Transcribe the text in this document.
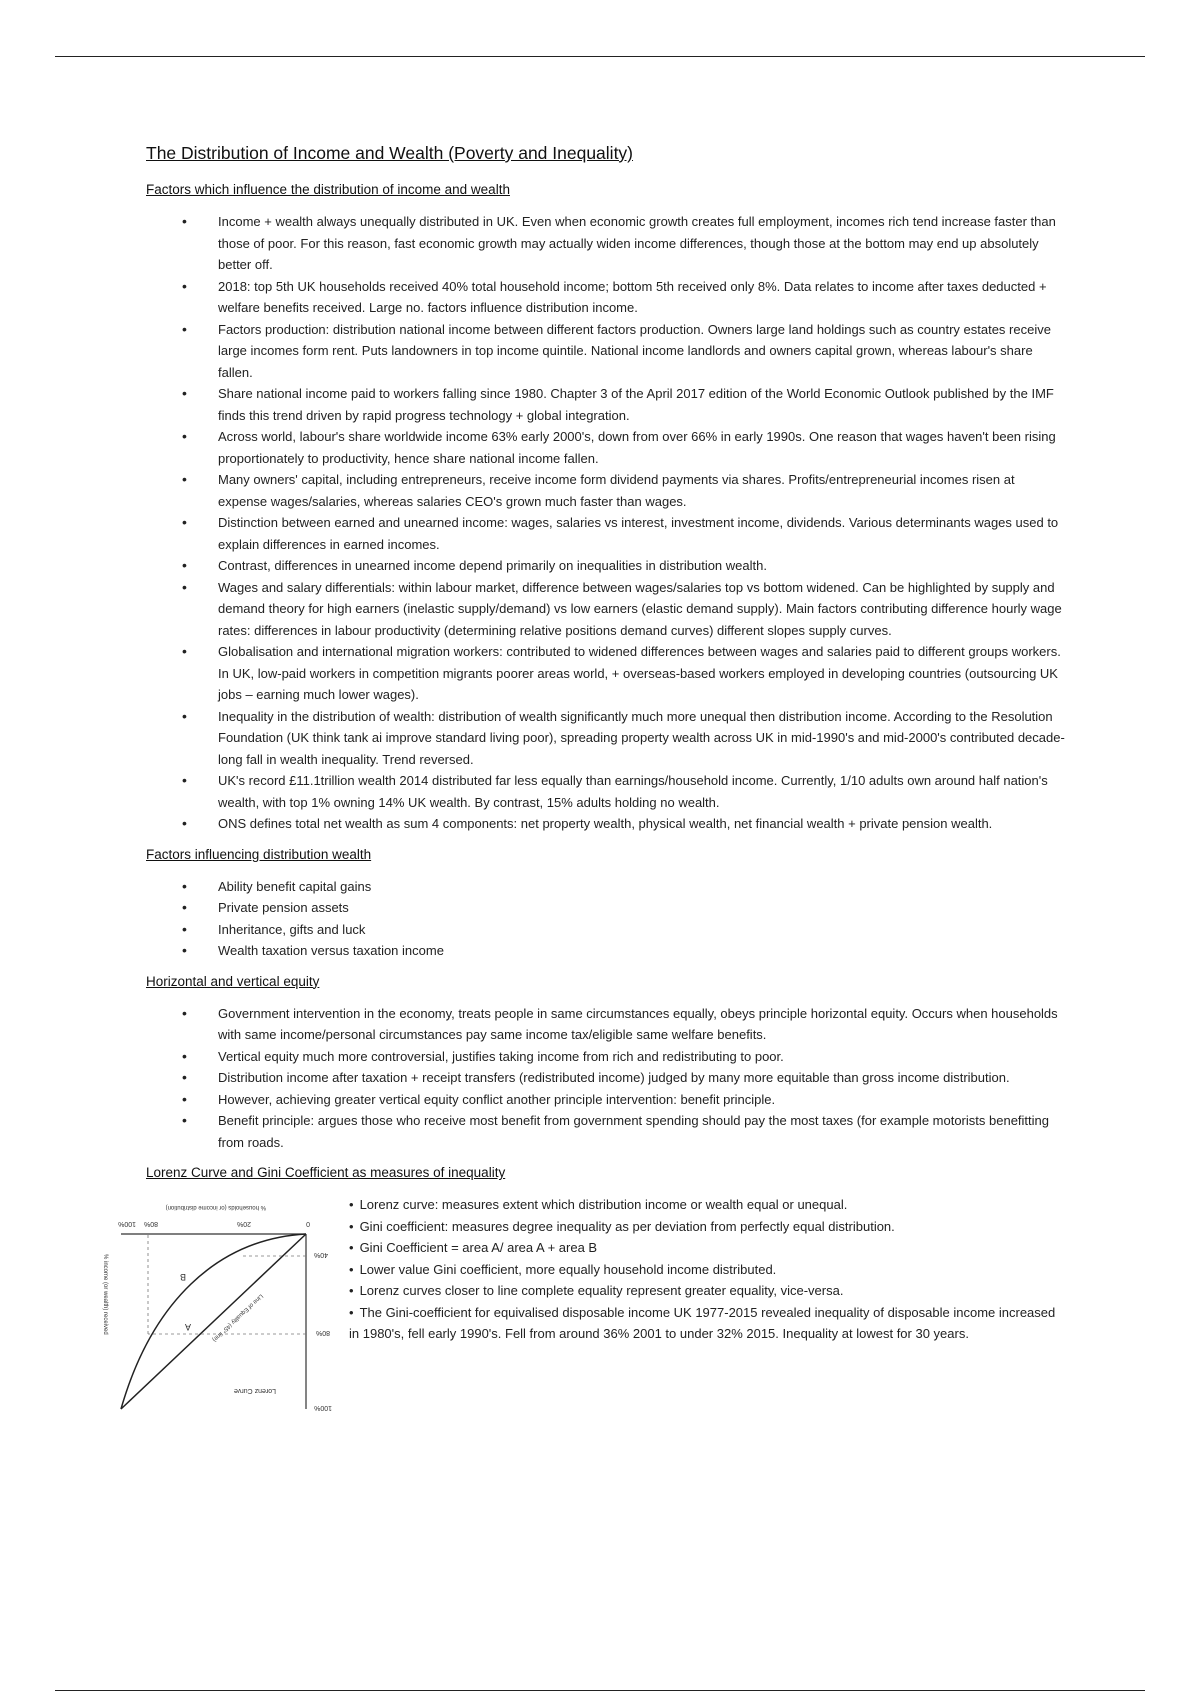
The Distribution of Income and Wealth (Poverty and Inequality)
Factors which influence the distribution of income and wealth
• Income + wealth always unequally distributed in UK. Even when economic growth creates full employment, incomes rich tend increase faster than those of poor. For this reason, fast economic growth may actually widen income differences, though those at the bottom may end up absolutely better off.
• 2018: top 5th UK households received 40% total household income; bottom 5th received only 8%. Data relates to income after taxes deducted + welfare benefits received. Large no. factors influence distribution income.
• Factors production: distribution national income between different factors production. Owners large land holdings such as country estates receive large incomes form rent. Puts landowners in top income quintile. National income landlords and owners capital grown, whereas labour's share fallen.
• Share national income paid to workers falling since 1980. Chapter 3 of the April 2017 edition of the World Economic Outlook published by the IMF finds this trend driven by rapid progress technology + global integration.
• Across world, labour's share worldwide income 63% early 2000's, down from over 66% in early 1990s. One reason that wages haven't been rising proportionately to productivity, hence share national income fallen.
• Many owners' capital, including entrepreneurs, receive income form dividend payments via shares. Profits/entrepreneurial incomes risen at expense wages/salaries, whereas salaries CEO's grown much faster than wages.
• Distinction between earned and unearned income: wages, salaries vs interest, investment income, dividends. Various determinants wages used to explain differences in earned incomes.
• Contrast, differences in unearned income depend primarily on inequalities in distribution wealth.
• Wages and salary differentials: within labour market, difference between wages/salaries top vs bottom widened. Can be highlighted by supply and demand theory for high earners (inelastic supply/demand) vs low earners (elastic demand supply). Main factors contributing difference hourly wage rates: differences in labour productivity (determining relative positions demand curves) different slopes supply curves.
• Globalisation and international migration workers: contributed to widened differences between wages and salaries paid to different groups workers. In UK, low-paid workers in competition migrants poorer areas world, + overseas-based workers employed in developing countries (outsourcing UK jobs – earning much lower wages).
• Inequality in the distribution of wealth: distribution of wealth significantly much more unequal then distribution income. According to the Resolution Foundation (UK think tank ai improve standard living poor), spreading property wealth across UK in mid-1990's and mid-2000's contributed decade-long fall in wealth inequality. Trend reversed.
• UK's record £11.1trillion wealth 2014 distributed far less equally than earnings/household income. Currently, 1/10 adults own around half nation's wealth, with top 1% owning 14% UK wealth. By contrast, 15% adults holding no wealth.
• ONS defines total net wealth as sum 4 components: net property wealth, physical wealth, net financial wealth + private pension wealth.
Factors influencing distribution wealth
• Ability benefit capital gains
• Private pension assets
• Inheritance, gifts and luck
• Wealth taxation versus taxation income
Horizontal and vertical equity
• Government intervention in the economy, treats people in same circumstances equally, obeys principle horizontal equity. Occurs when households with same income/personal circumstances pay same income tax/eligible same welfare benefits.
• Vertical equity much more controversial, justifies taking income from rich and redistributing to poor.
• Distribution income after taxation + receipt transfers (redistributed income) judged by many more equitable than gross income distribution.
• However, achieving greater vertical equity conflict another principle intervention: benefit principle.
• Benefit principle: argues those who receive most benefit from government spending should pay the most taxes (for example motorists benefitting from roads.
Lorenz Curve and Gini Coefficient as measures of inequality
100%
80%
40%
0
20%
80%
100%
A
B
Lorenz Curve
Line of Equality (45° line)
% income (or wealth) received
% households (or income distribution)	• Lorenz curve: measures extent which distribution income or wealth equal or unequal.
• Gini coefficient: measures degree inequality as per deviation from perfectly equal distribution.
• Gini Coefficient = area A/ area A + area B
• Lower value Gini coefficient, more equally household income distributed.
• Lorenz curves closer to line complete equality represent greater equality, vice-versa.
• The Gini-coefficient for equivalised disposable income UK 1977-2015 revealed inequality of disposable income increased in 1980's, fell early 1990's. Fell from around 36% 2001 to under 32% 2015. Inequality at lowest for 30 years.
